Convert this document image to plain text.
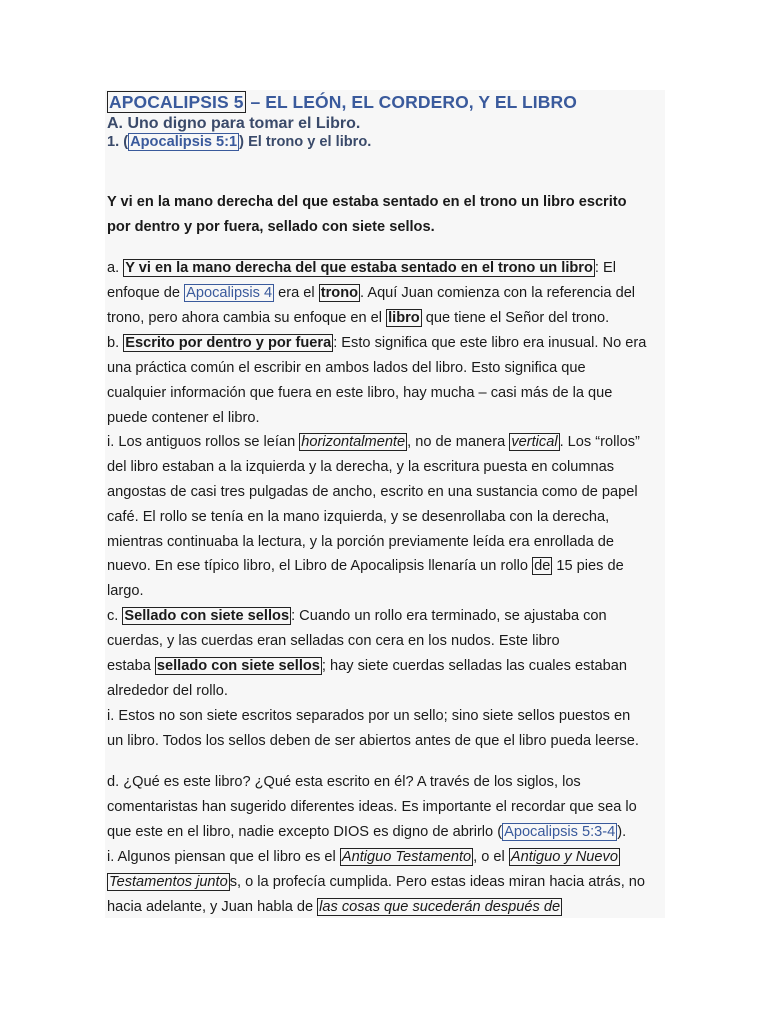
APOCALIPSIS 5 – EL LEÓN, EL CORDERO, Y EL LIBRO
A. Uno digno para tomar el Libro.
1. ( Apocalipsis 5:1 ) El trono y el libro.
Y vi en la mano derecha del que estaba sentado en el trono un libro escrito
por dentro y por fuera, sellado con siete sellos.
a. Y vi en la mano derecha del que estaba sentado en el trono un libro : El
enfoque de Apocalipsis 4 era el trono . Aquí Juan comienza con la referencia del
trono, pero ahora cambia su enfoque en el libro que tiene el Señor del trono.
b. Escrito por dentro y por fuera : Esto significa que este libro era inusual. No era
una práctica común el escribir en ambos lados del libro. Esto significa que
cualquier información que fuera en este libro, hay mucha – casi más de la que
puede contener el libro.
i. Los antiguos rollos se leían horizontalmente , no de manera vertical . Los “rollos”
del libro estaban a la izquierda y la derecha, y la escritura puesta en columnas
angostas de casi tres pulgadas de ancho, escrito en una sustancia como de papel
café. El rollo se tenía en la mano izquierda, y se desenrollaba con la derecha,
mientras continuaba la lectura, y la porción previamente leída era enrollada de
nuevo. En ese típico libro, el Libro de Apocalipsis llenaría un rollo de 15 pies de
largo.
c. Sellado con siete sellos : Cuando un rollo era terminado, se ajustaba con
cuerdas, y las cuerdas eran selladas con cera en los nudos. Este libro
estaba sellado con siete sellos ; hay siete cuerdas selladas las cuales estaban
alrededor del rollo.
i. Estos no son siete escritos separados por un sello; sino siete sellos puestos en
un libro. Todos los sellos deben de ser abiertos antes de que el libro pueda leerse.
d. ¿Qué es este libro? ¿Qué esta escrito en él? A través de los siglos, los
comentaristas han sugerido diferentes ideas. Es importante el recordar que sea lo
que este en el libro, nadie excepto DIOS es digno de abrirlo ( Apocalipsis 5:3-4 ).
i. Algunos piensan que el libro es el Antiguo Testamento , o el Antiguo y Nuevo
Testamentos junto s, o la profecía cumplida. Pero estas ideas miran hacia atrás, no
hacia adelante, y Juan habla de las cosas que sucederán después de
